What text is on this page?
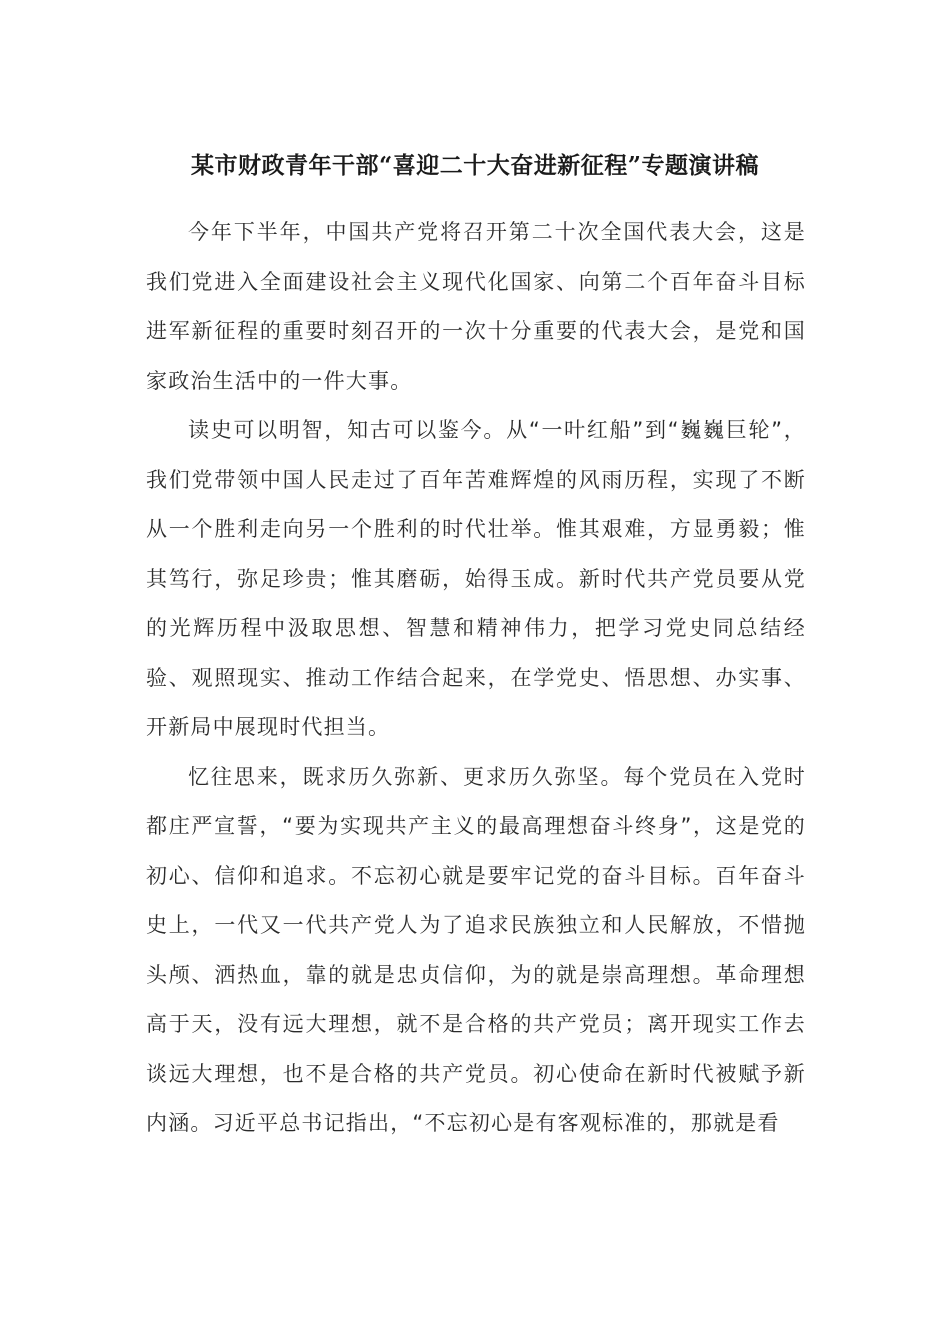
某市财政青年干部“喜迎二十大奋进新征程”专题演讲稿

今年下半年，中国共产党将召开第二十次全国代表大会，这是我们党进入全面建设社会主义现代化国家、向第二个百年奋斗目标进军新征程的重要时刻召开的一次十分重要的代表大会，是党和国家政治生活中的一件大事。

读史可以明智，知古可以鉴今。从“一叶红船”到“巍巍巨轮”，我们党带领中国人民走过了百年苦难辉煌的风雨历程，实现了不断从一个胜利走向另一个胜利的时代壮举。惟其艰难，方显勇毅；惟其笃行，弥足珍贵；惟其磨砺，始得玉成。新时代共产党员要从党的光辉历程中汲取思想、智慧和精神伟力，把学习党史同总结经验、观照现实、推动工作结合起来，在学党史、悟思想、办实事、开新局中展现时代担当。

忆往思来，既求历久弥新、更求历久弥坚。每个党员在入党时都庄严宣誓，“要为实现共产主义的最高理想奋斗终身”，这是党的初心、信仰和追求。不忘初心就是要牢记党的奋斗目标。百年奋斗史上，一代又一代共产党人为了追求民族独立和人民解放，不惜抛头颅、洒热血，靠的就是忠贞信仰，为的就是崇高理想。革命理想高于天，没有远大理想，就不是合格的共产党员；离开现实工作去谈远大理想，也不是合格的共产党员。初心使命在新时代被赋予新内涵。习近平总书记指出，“不忘初心是有客观标准的，那就是看
